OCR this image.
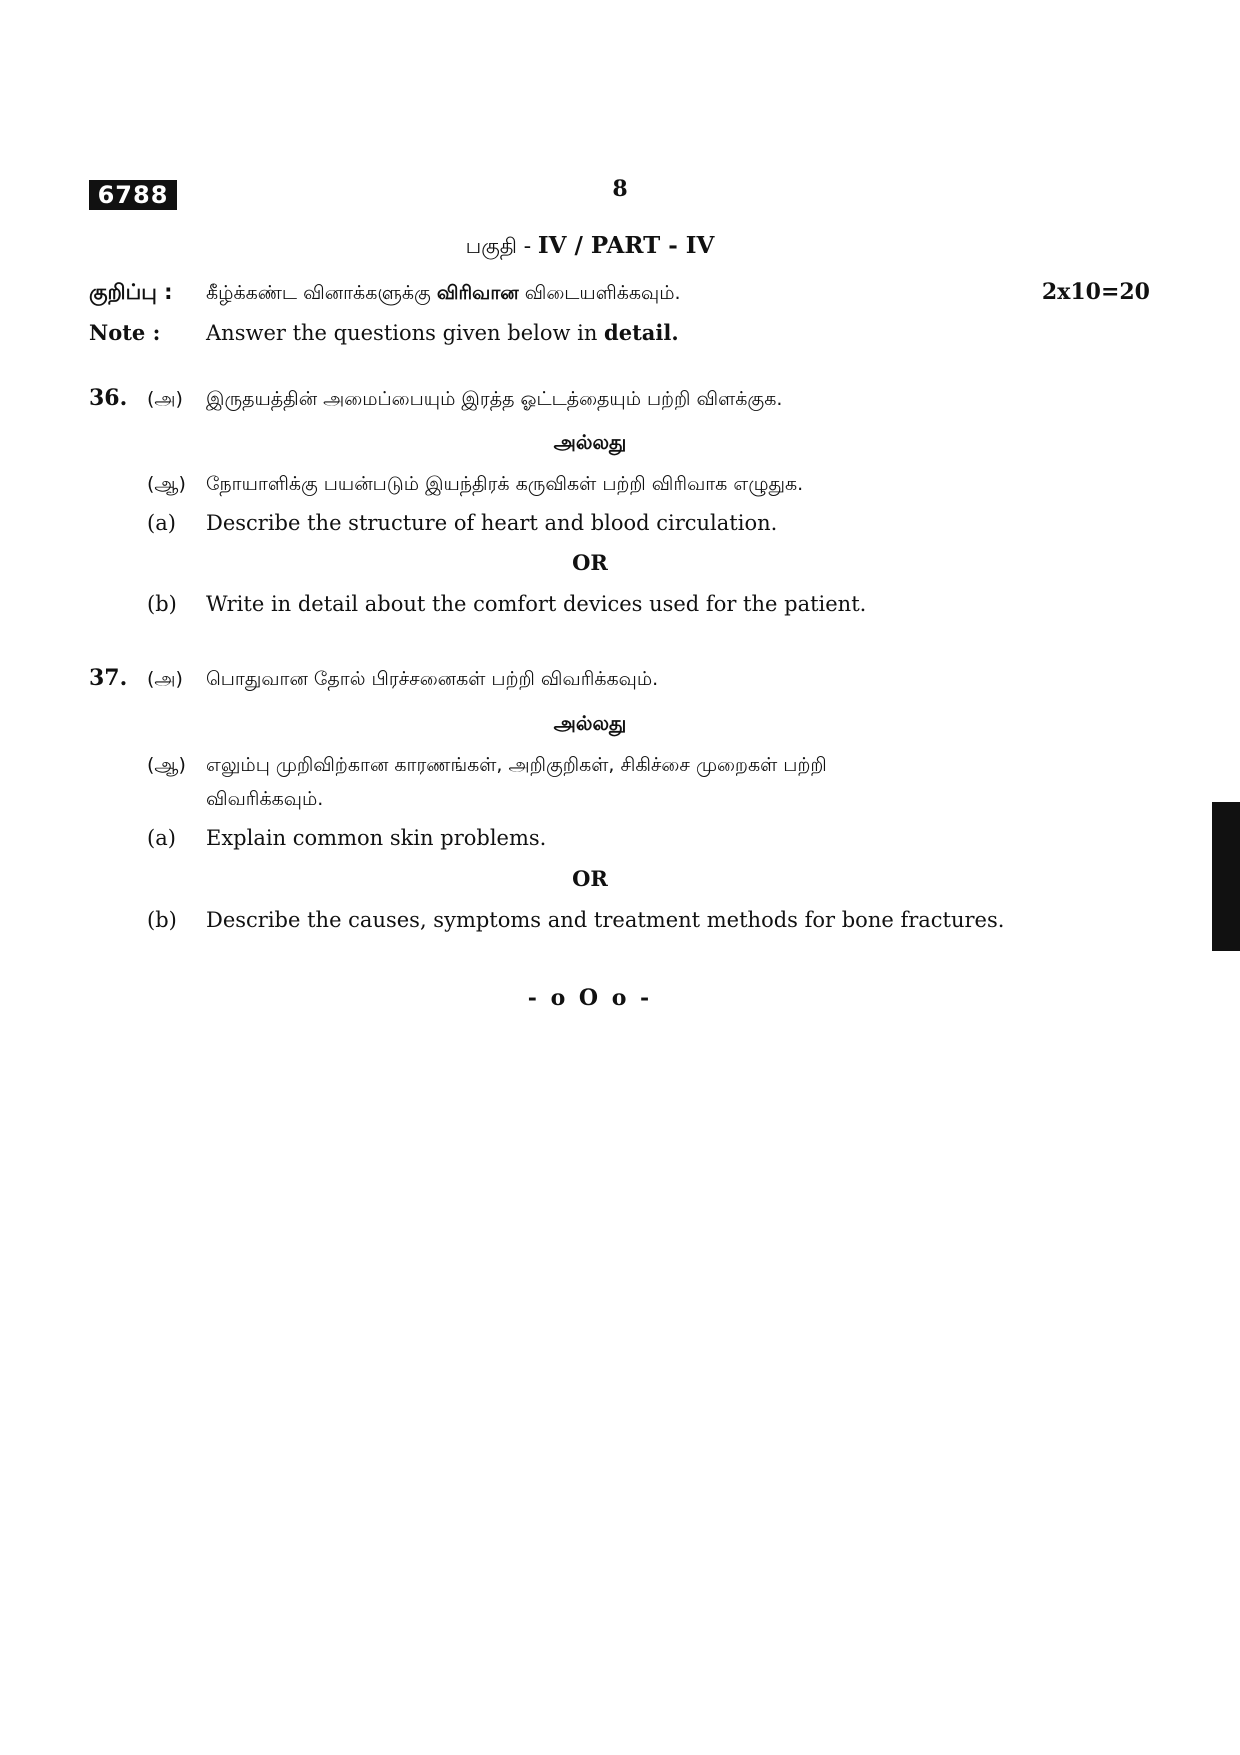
6788	8
பகுதி - IV / PART - IV
குறிப்பு : கீழ்க்கண்ட வினாக்களுக்கு விரிவான விடையளிக்கவும்.	2x10=20
Note : Answer the questions given below in detail.
36. (அ) இருதயத்தின் அமைப்பையும் இரத்த ஓட்டத்தையும் பற்றி விளக்குக.
அல்லது
(ஆ) நோயாளிக்கு பயன்படும் இயந்திரக் கருவிகள் பற்றி விரிவாக எழுதுக.
(a) Describe the structure of heart and blood circulation.
OR
(b) Write in detail about the comfort devices used for the patient.
37. (அ) பொதுவான தோல் பிரச்சனைகள் பற்றி விவரிக்கவும்.
அல்லது
(ஆ) எலும்பு முறிவிற்கான காரணங்கள், அறிகுறிகள், சிகிச்சை முறைகள் பற்றி
விவரிக்கவும்.
(a) Explain common skin problems.
OR
(b) Describe the causes, symptoms and treatment methods for bone fractures.
- o O o -
